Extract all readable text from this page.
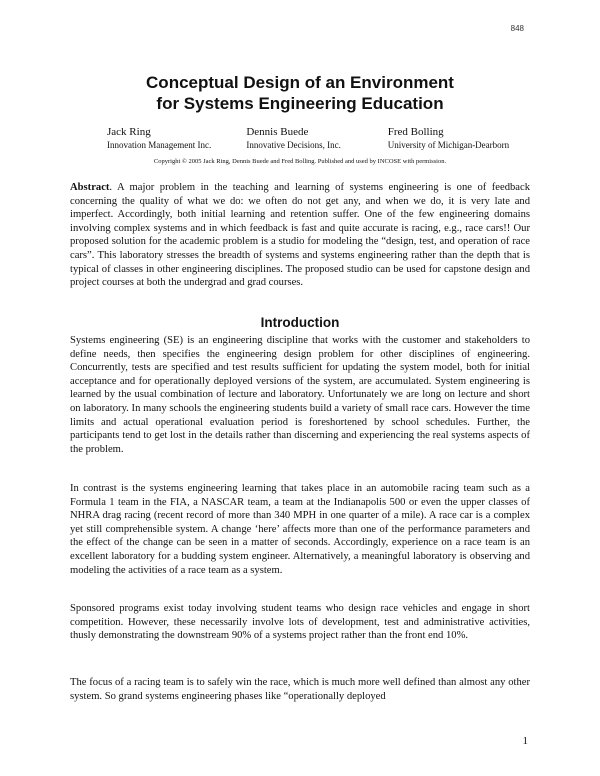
848
Conceptual Design of an Environment
for Systems Engineering Education
Jack Ring
Innovation Management Inc.
Dennis Buede
Innovative Decisions, Inc.
Fred Bolling
University of Michigan-Dearborn
Copyright © 2005 Jack Ring, Dennis Buede and Fred Bolling. Published and used by INCOSE with permission.

Abstract. A major problem in the teaching and learning of systems engineering is one of feedback concerning the quality of what we do: we often do not get any, and when we do, it is very late and imperfect. Accordingly, both initial learning and retention suffer. One of the few engineering domains involving complex systems and in which feedback is fast and quite accurate is racing, e.g., race cars!! Our proposed solution for the academic problem is a studio for modeling the “design, test, and operation of race cars”. This laboratory stresses the breadth of systems and systems engineering rather than the depth that is typical of classes in other engineering disciplines. The proposed studio can be used for capstone design and project courses at both the undergrad and grad courses.

Introduction

Systems engineering (SE) is an engineering discipline that works with the customer and stakeholders to define needs, then specifies the engineering design problem for other disciplines of engineering. Concurrently, tests are specified and test results sufficient for updating the system model, both for initial acceptance and for operationally deployed versions of the system, are accumulated. System engineering is learned by the usual combination of lecture and laboratory. Unfortunately we are long on lecture and short on laboratory. In many schools the engineering students build a variety of small race cars. However the time limits and actual operational evaluation period is foreshortened by school schedules. Further, the participants tend to get lost in the details rather than discerning and experiencing the real systems aspects of the problem.

In contrast is the systems engineering learning that takes place in an automobile racing team such as a Formula 1 team in the FIA, a NASCAR team, a team at the Indianapolis 500 or even the upper classes of NHRA drag racing (recent record of more than 340 MPH in one quarter of a mile). A race car is a complex yet still comprehensible system. A change ‘here’ affects more than one of the performance parameters and the effect of the change can be seen in a matter of seconds. Accordingly, experience on a race team is an excellent laboratory for a budding system engineer. Alternatively, a meaningful laboratory is observing and modeling the activities of a race team as a system.

Sponsored programs exist today involving student teams who design race vehicles and engage in short competition. However, these necessarily involve lots of development, test and administrative activities, thusly demonstrating the downstream 90% of a systems project rather than the front end 10%.

The focus of a racing team is to safely win the race, which is much more well defined than almost any other system. So grand systems engineering phases like “operationally deployed

1
